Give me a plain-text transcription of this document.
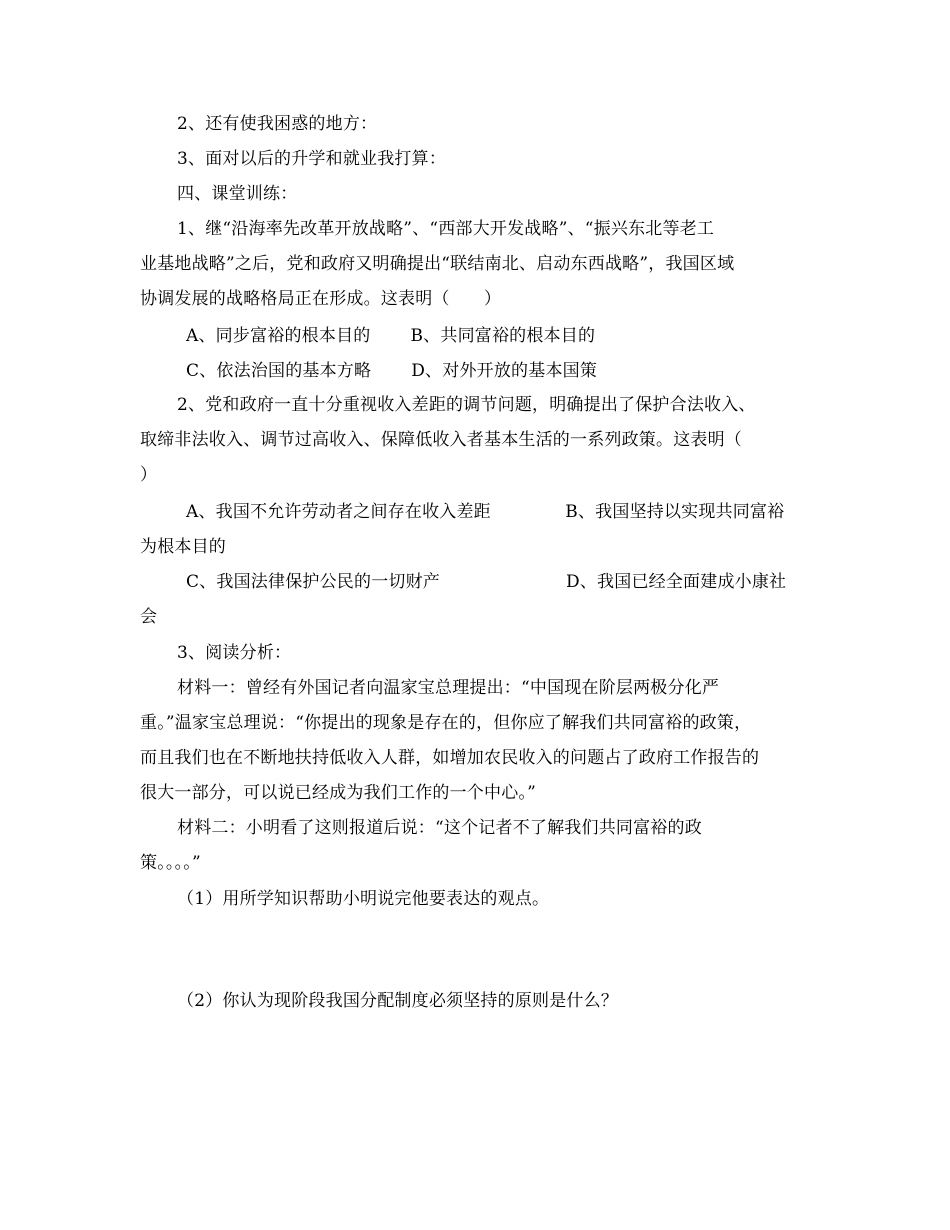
2、还有使我困惑的地方：

3、面对以后的升学和就业我打算：

四、课堂训练：

1、继“沿海率先改革开放战略”、“西部大开发战略”、“振兴东北等老工

业基地战略”之后，党和政府又明确提出“联结南北、启动东西战略”，我国区域

协调发展的战略格局正在形成。这表明（　　）

A、同步富裕的根本目的　　 B、共同富裕的根本目的

C、依法治国的基本方略　　 D、对外开放的基本国策

2、党和政府一直十分重视收入差距的调节问题，明确提出了保护合法收入、

取缔非法收入、调节过高收入、保障低收入者基本生活的一系列政策。这表明（

）

A、我国不允许劳动者之间存在收入差距　　　　 B、我国坚持以实现共同富裕

为根本目的

C、我国法律保护公民的一切财产　　　　　　　 D、我国已经全面建成小康社

会

3、阅读分析：

材料一：曾经有外国记者向温家宝总理提出：“中国现在阶层两极分化严

重。”温家宝总理说：“你提出的现象是存在的，但你应了解我们共同富裕的政策，

而且我们也在不断地扶持低收入人群，如增加农民收入的问题占了政府工作报告的

很大一部分，可以说已经成为我们工作的一个中心。”

材料二：小明看了这则报道后说：“这个记者不了解我们共同富裕的政

策。。。。”

（1）用所学知识帮助小明说完他要表达的观点。

（2）你认为现阶段我国分配制度必须坚持的原则是什么？
